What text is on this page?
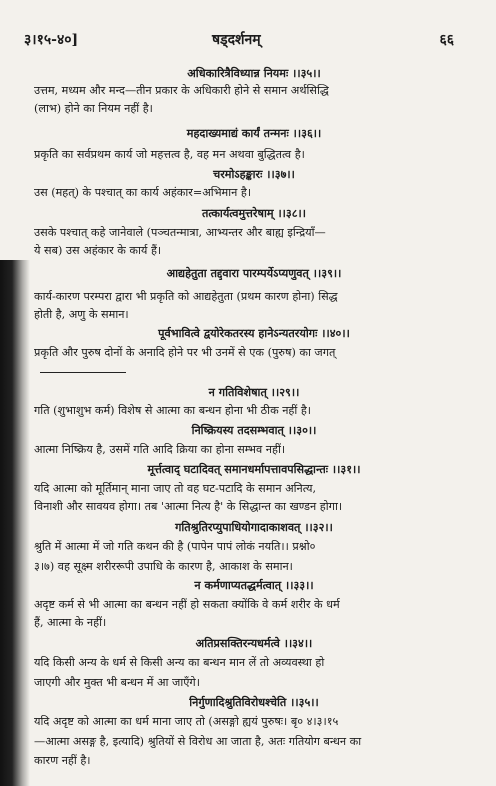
३।१५-४०]	षड्दर्शनम्	६६
अधिकारित्रैविध्यान्न नियमः ।।३५।।
उत्तम, मध्यम और मन्द—तीन प्रकार के अधिकारी होने से समान अर्थसिद्धि
(लाभ) होने का नियम नहीं है।
महदाख्यमाद्यं कार्यं तन्मनः ।।३६।।
प्रकृति का सर्वप्रथम कार्य जो महत्तत्व है, वह मन अथवा बुद्धितत्व है।
चरमोऽहङ्कारः ।।३७।।
उस (महत्) के पश्चात् का कार्य अहंकार=अभिमान है।
तत्कार्यत्वमुत्तरेषाम् ।।३८।।
उसके पश्चात् कहे जानेवाले (पञ्चतन्मात्रा, आभ्यन्तर और बाह्य इन्द्रियाँ—
ये सब) उस अहंकार के कार्य हैं।
आद्यहेतुता तद्द्वारा पारम्पर्येऽप्यणुवत् ।।३९।।
कार्य-कारण परम्परा द्वारा भी प्रकृति को आद्यहेतुता (प्रथम कारण होना) सिद्ध
होती है, अणु के समान।
पूर्वभावित्वे द्वयोरेकतरस्य हानेऽन्यतरयोगः ।।४०।।
प्रकृति और पुरुष दोनों के अनादि होने पर भी उनमें से एक (पुरुष) का जगत्
न गतिविशेषात् ।।२९।।
गति (शुभाशुभ कर्म) विशेष से आत्मा का बन्धन होना भी ठीक नहीं है।
निष्क्रियस्य तदसम्भवात् ।।३०।।
आत्मा निष्क्रिय है, उसमें गति आदि क्रिया का होना सम्भव नहीं।
मूर्त्तत्वाद् घटादिवत् समानधर्मापत्तावपसिद्धान्तः ।।३१।।
यदि आत्मा को मूर्तिमान् माना जाए तो वह घट-पटादि के समान अनित्य,
विनाशी और सावयव होगा। तब 'आत्मा नित्य है' के सिद्धान्त का खण्डन होगा।
गतिश्रुतिरप्युपाधियोगादाकाशवत् ।।३२।।
श्रुति में आत्मा में जो गति कथन की है (पापेन पापं लोकं नयति।। प्रश्नो०
३।७) वह सूक्ष्म शरीररूपी उपाधि के कारण है, आकाश के समान।
न कर्मणाप्यतद्धर्मत्वात् ।।३३।।
अदृष्ट कर्म से भी आत्मा का बन्धन नहीं हो सकता क्योंकि वे कर्म शरीर के धर्म
हैं, आत्मा के नहीं।
अतिप्रसक्तिरन्यधर्मत्वे ।।३४।।
यदि किसी अन्य के धर्म से किसी अन्य का बन्धन मान लें तो अव्यवस्था हो
जाएगी और मुक्त भी बन्धन में आ जाएँगे।
निर्गुणादिश्रुतिविरोधश्चेति ।।३५।।
यदि अदृष्ट को आत्मा का धर्म माना जाए तो (असङ्गो ह्ययं पुरुषः। बृ० ४।३।१५
—आत्मा असङ्ग है, इत्यादि) श्रुतियों से विरोध आ जाता है, अतः गतियोग बन्धन का
कारण नहीं है।
